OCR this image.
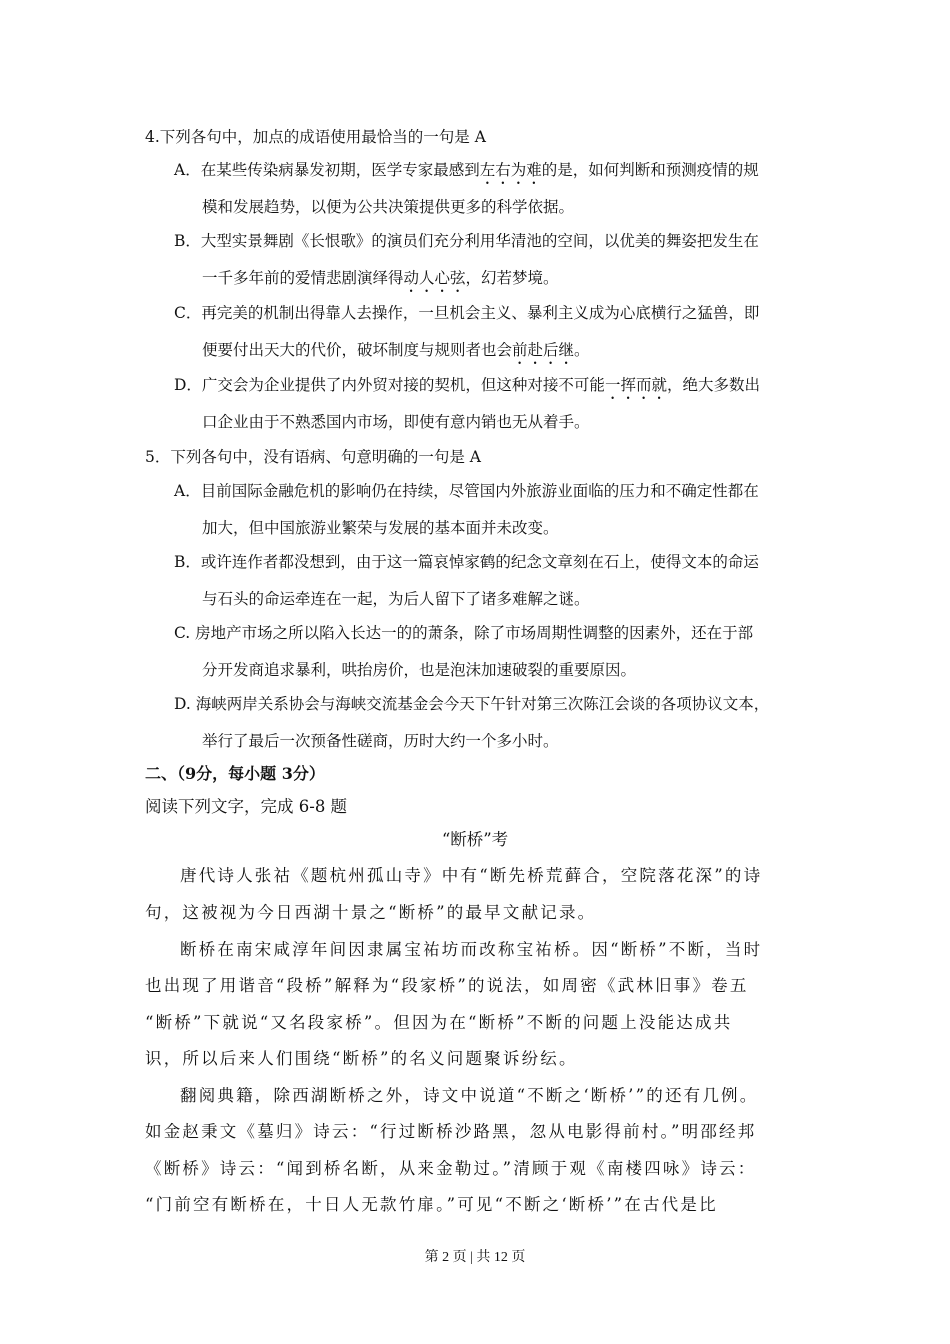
4.下列各句中，加点的成语使用最恰当的一句是 A
A．在某些传染病暴发初期，医学专家最感到左右为难的是，如何判断和预测疫情的规
模和发展趋势，以便为公共决策提供更多的科学依据。
B．大型实景舞剧《长恨歌》的演员们充分利用华清池的空间，以优美的舞姿把发生在
一千多年前的爱情悲剧演绎得动人心弦，幻若梦境。
C．再完美的机制出得靠人去操作，一旦机会主义、暴利主义成为心底横行之猛兽，即
便要付出天大的代价，破坏制度与规则者也会前赴后继。
D．广交会为企业提供了内外贸对接的契机，但这种对接不可能一挥而就，绝大多数出
口企业由于不熟悉国内市场，即使有意内销也无从着手。
5．下列各句中，没有语病、句意明确的一句是 A
A．目前国际金融危机的影响仍在持续，尽管国内外旅游业面临的压力和不确定性都在
加大，但中国旅游业繁荣与发展的基本面并未改变。
B．或许连作者都没想到，由于这一篇哀悼家鹤的纪念文章刻在石上，使得文本的命运
与石头的命运牵连在一起，为后人留下了诸多难解之谜。
C. 房地产市场之所以陷入长达一的的萧条，除了市场周期性调整的因素外，还在于部
分开发商追求暴利，哄抬房价，也是泡沫加速破裂的重要原因。
D. 海峡两岸关系协会与海峡交流基金会今天下午针对第三次陈江会谈的各项协议文本，
举行了最后一次预备性磋商，历时大约一个多小时。
二、（9分，每小题 3分）
阅读下列文字，完成 6-8 题
“断桥”考
唐代诗人张祜《题杭州孤山寺》中有“断先桥荒藓合，空院落花深”的诗
句，这被视为今日西湖十景之“断桥”的最早文献记录。
断桥在南宋咸淳年间因隶属宝祐坊而改称宝祐桥。因“断桥”不断，当时
也出现了用谐音“段桥”解释为“段家桥”的说法，如周密《武林旧事》卷五
“断桥”下就说“又名段家桥”。但因为在“断桥”不断的问题上没能达成共
识，所以后来人们围绕“断桥”的名义问题聚诉纷纭。
翻阅典籍，除西湖断桥之外，诗文中说道“不断之‘断桥’”的还有几例。
如金赵秉文《墓归》诗云：“行过断桥沙路黑，忽从电影得前村。”明邵经邦
《断桥》诗云：“闻到桥名断，从来金勒过。”清顾于观《南楼四咏》诗云：
“门前空有断桥在，十日人无款竹扉。”可见“不断之‘断桥’”在古代是比
第 2 页 | 共 12 页
